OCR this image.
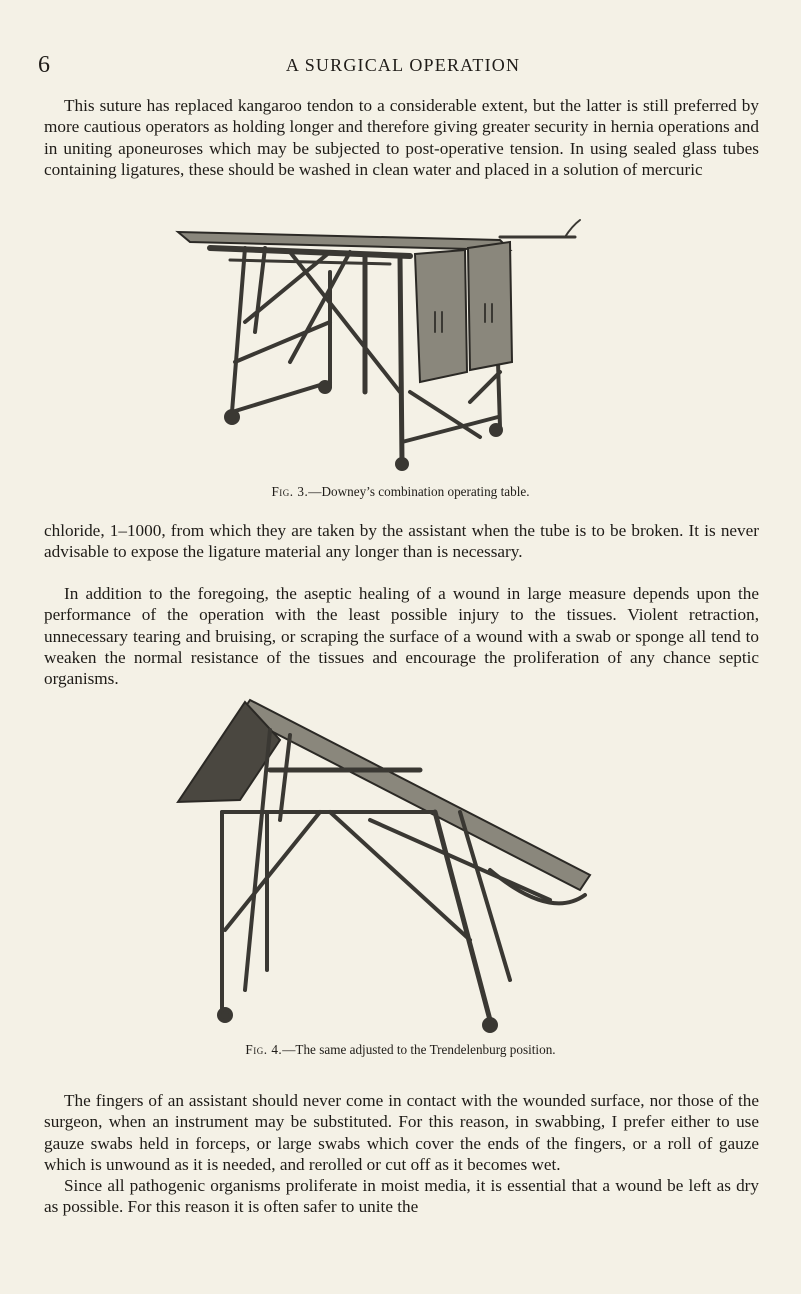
6	A SURGICAL OPERATION

This suture has replaced kangaroo tendon to a considerable extent, but the latter is still preferred by more cautious operators as holding longer and therefore giving greater security in hernia operations and in uniting aponeuroses which may be subjected to post-operative tension. In using sealed glass tubes containing ligatures, these should be washed in clean water and placed in a solution of mercuric

Fig. 3.—Downey’s combination operating table.

chloride, 1–1000, from which they are taken by the assistant when the tube is to be broken. It is never advisable to expose the ligature material any longer than is necessary.

In addition to the foregoing, the aseptic healing of a wound in large measure depends upon the performance of the operation with the least possible injury to the tissues. Violent retraction, unnecessary tearing and bruising, or scraping the surface of a wound with a swab or sponge all tend to weaken the normal resistance of the tissues and encourage the proliferation of any chance septic organisms.

Fig. 4.—The same adjusted to the Trendelenburg position.

The fingers of an assistant should never come in contact with the wounded surface, nor those of the surgeon, when an instrument may be substituted. For this reason, in swabbing, I prefer either to use gauze swabs held in forceps, or large swabs which cover the ends of the fingers, or a roll of gauze which is unwound as it is needed, and rerolled or cut off as it becomes wet.

Since all pathogenic organisms proliferate in moist media, it is essential that a wound be left as dry as possible. For this reason it is often safer to unite the
